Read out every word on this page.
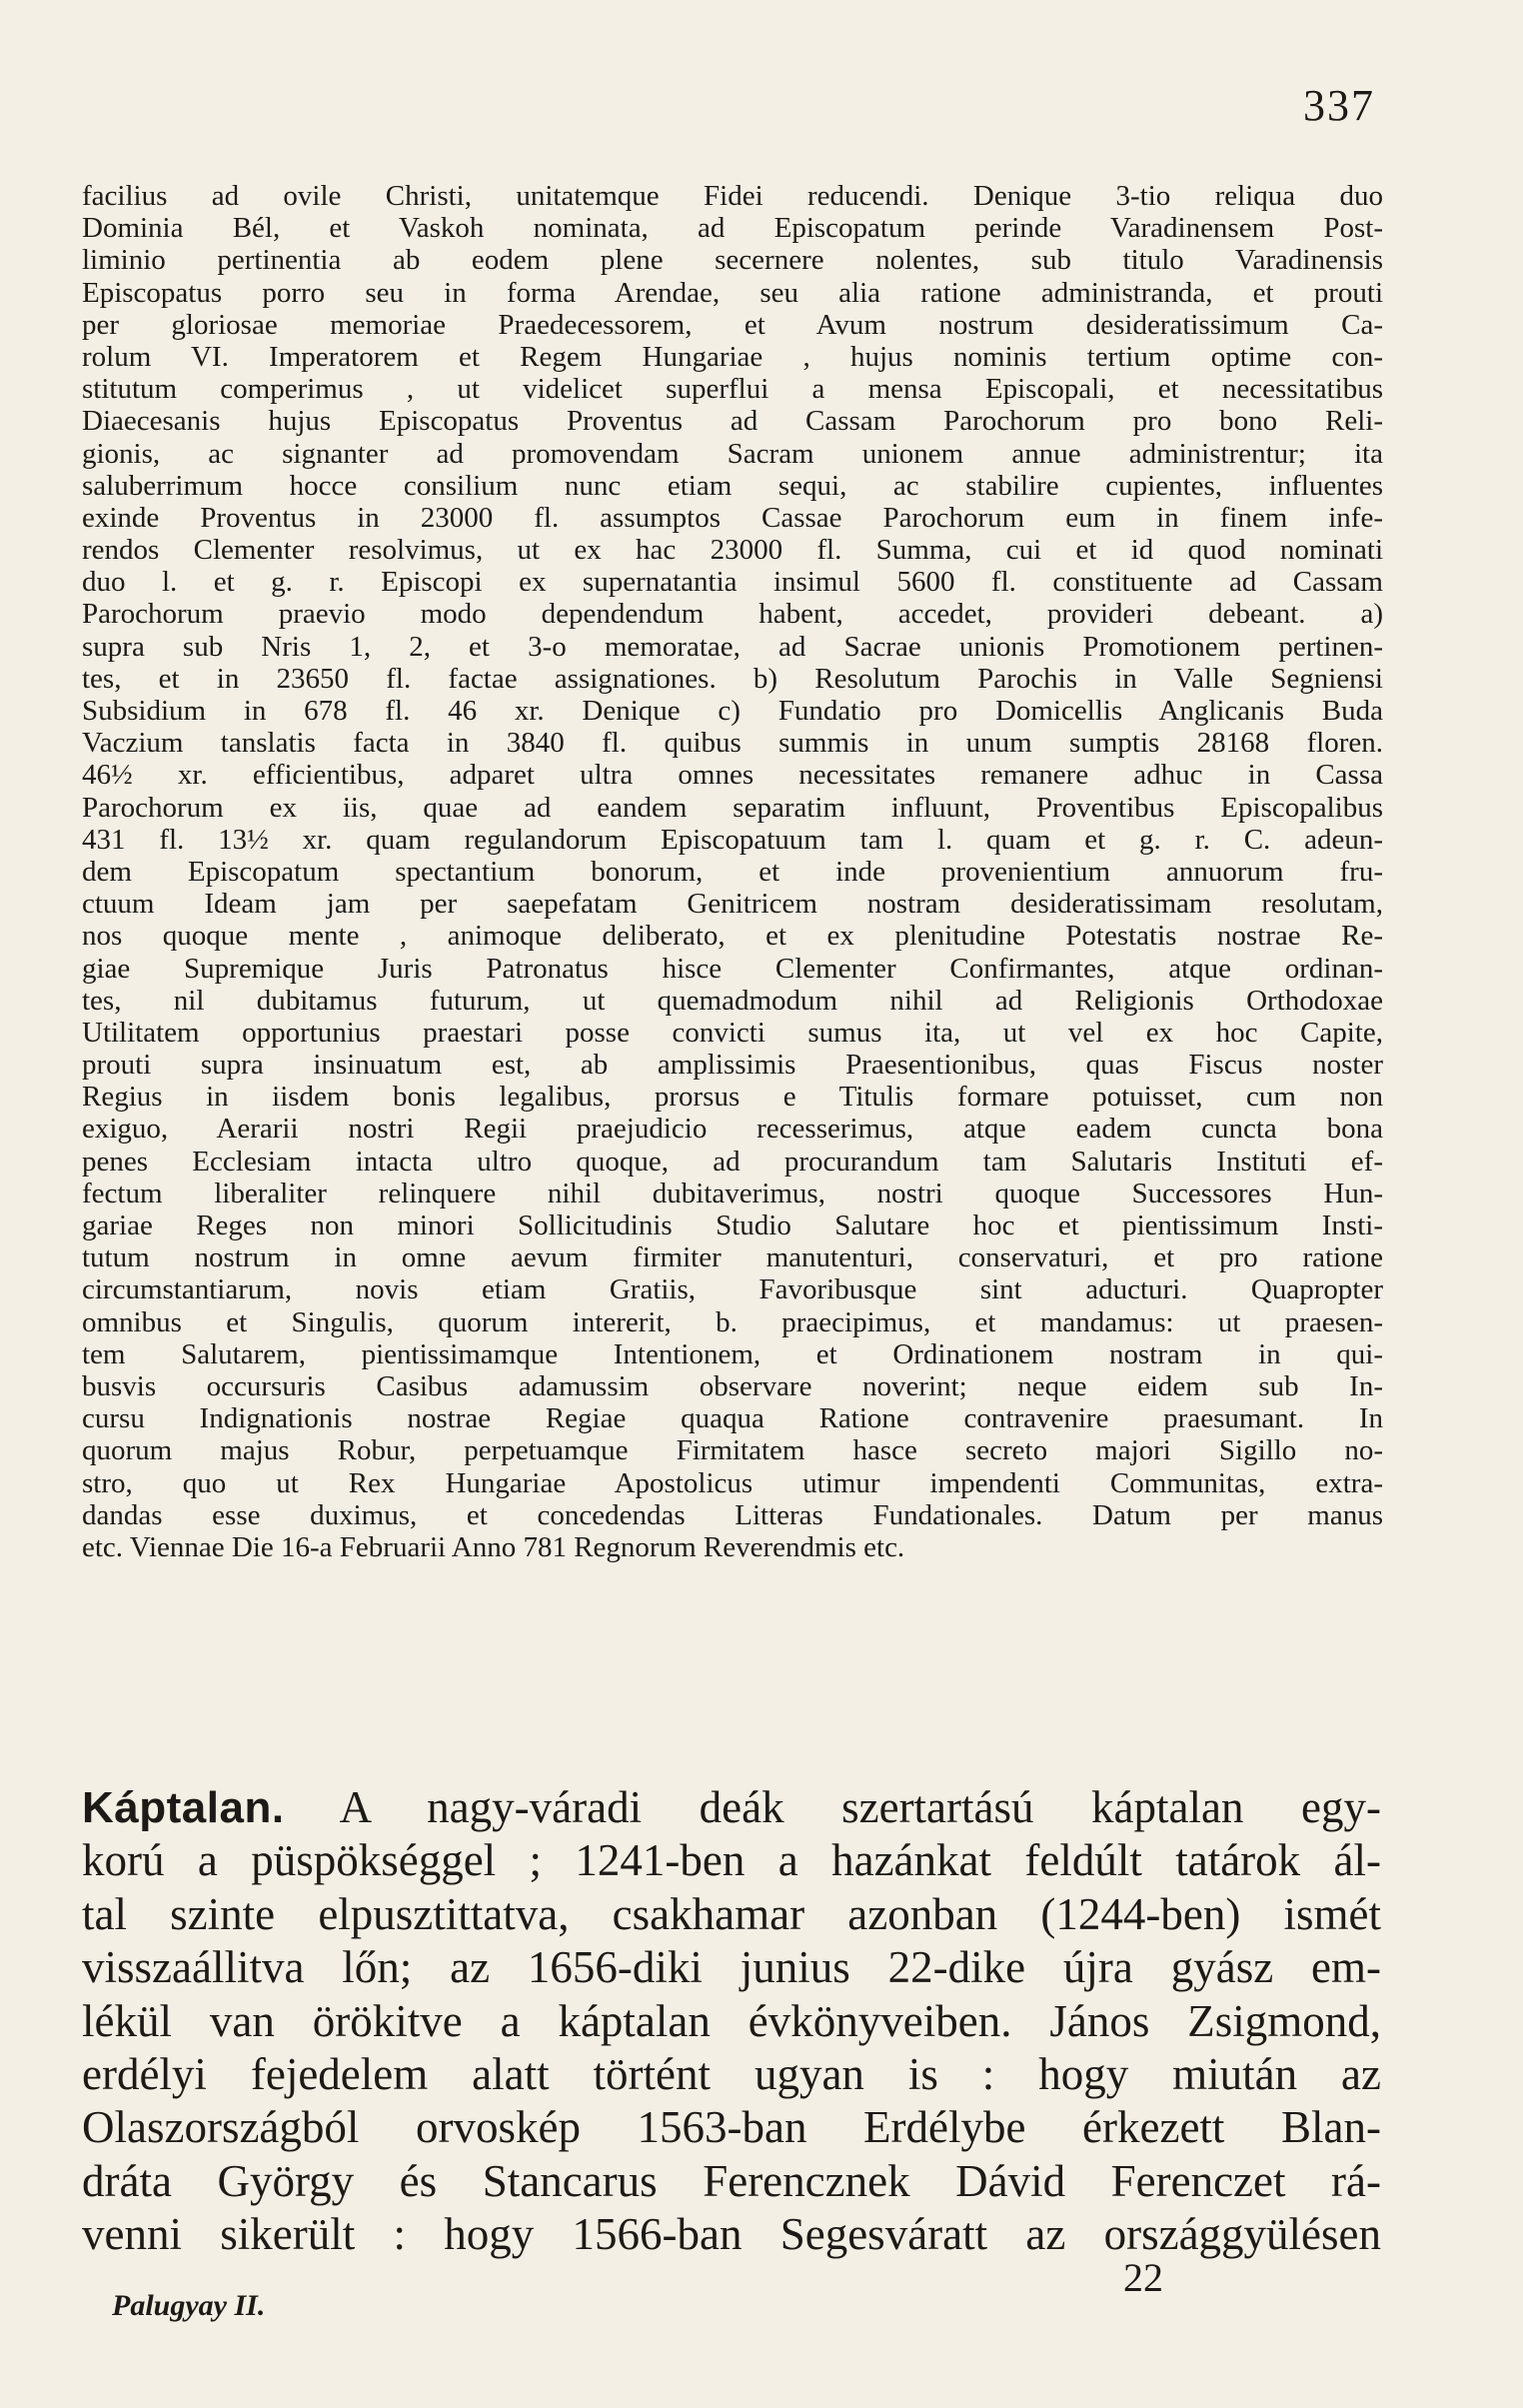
337
facilius ad ovile Christi, unitatemque Fidei reducendi. Denique 3-tio reliqua duo
Dominia Bél, et Vaskoh nominata, ad Episcopatum perinde Varadinensem Post-
liminio pertinentia ab eodem plene secernere nolentes, sub titulo Varadinensis
Episcopatus porro seu in forma Arendae, seu alia ratione administranda, et prouti
per gloriosae memoriae Praedecessorem, et Avum nostrum desideratissimum Ca-
rolum VI. Imperatorem et Regem Hungariae , hujus nominis tertium optime con-
stitutum comperimus , ut videlicet superflui a mensa Episcopali, et necessitatibus
Diaecesanis hujus Episcopatus Proventus ad Cassam Parochorum pro bono Reli-
gionis, ac signanter ad promovendam Sacram unionem annue administrentur; ita
saluberrimum hocce consilium nunc etiam sequi, ac stabilire cupientes, influentes
exinde Proventus in 23000 fl. assumptos Cassae Parochorum eum in finem infe-
rendos Clementer resolvimus, ut ex hac 23000 fl. Summa, cui et id quod nominati
duo l. et g. r. Episcopi ex supernatantia insimul 5600 fl. constituente ad Cassam
Parochorum praevio modo dependendum habent, accedet, provideri debeant. a)
supra sub Nris 1, 2, et 3-o memoratae, ad Sacrae unionis Promotionem pertinen-
tes, et in 23650 fl. factae assignationes. b) Resolutum Parochis in Valle Segniensi
Subsidium in 678 fl. 46 xr. Denique c) Fundatio pro Domicellis Anglicanis Buda
Vaczium tanslatis facta in 3840 fl. quibus summis in unum sumptis 28168 floren.
46½ xr. efficientibus, adparet ultra omnes necessitates remanere adhuc in Cassa
Parochorum ex iis, quae ad eandem separatim influunt, Proventibus Episcopalibus
431 fl. 13½ xr. quam regulandorum Episcopatuum tam l. quam et g. r. C. adeun-
dem Episcopatum spectantium bonorum, et inde provenientium annuorum fru-
ctuum Ideam jam per saepefatam Genitricem nostram desideratissimam resolutam,
nos quoque mente , animoque deliberato, et ex plenitudine Potestatis nostrae Re-
giae Supremique Juris Patronatus hisce Clementer Confirmantes, atque ordinan-
tes, nil dubitamus futurum, ut quemadmodum nihil ad Religionis Orthodoxae
Utilitatem opportunius praestari posse convicti sumus ita, ut vel ex hoc Capite,
prouti supra insinuatum est, ab amplissimis Praesentionibus, quas Fiscus noster
Regius in iisdem bonis legalibus, prorsus e Titulis formare potuisset, cum non
exiguo, Aerarii nostri Regii praejudicio recesserimus, atque eadem cuncta bona
penes Ecclesiam intacta ultro quoque, ad procurandum tam Salutaris Instituti ef-
fectum liberaliter relinquere nihil dubitaverimus, nostri quoque Successores Hun-
gariae Reges non minori Sollicitudinis Studio Salutare hoc et pientissimum Insti-
tutum nostrum in omne aevum firmiter manutenturi, conservaturi, et pro ratione
circumstantiarum, novis etiam Gratiis, Favoribusque sint aducturi. Quapropter
omnibus et Singulis, quorum intererit, b. praecipimus, et mandamus: ut praesen-
tem Salutarem, pientissimamque Intentionem, et Ordinationem nostram in qui-
busvis occursuris Casibus adamussim observare noverint; neque eidem sub In-
cursu Indignationis nostrae Regiae quaqua Ratione contravenire praesumant. In
quorum majus Robur, perpetuamque Firmitatem hasce secreto majori Sigillo no-
stro, quo ut Rex Hungariae Apostolicus utimur impendenti Communitas, extra-
dandas esse duximus, et concedendas Litteras Fundationales. Datum per manus
etc. Viennae Die 16-a Februarii Anno 781 Regnorum Reverendmis etc.
Káptalan. A nagy-váradi deák szertartású káptalan egy-
korú a püspökséggel ; 1241-ben a hazánkat feldúlt tatárok ál-
tal szinte elpusztittatva, csakhamar azonban (1244-ben) ismét
visszaállitva lőn; az 1656-diki junius 22-dike újra gyász em-
lékül van örökitve a káptalan évkönyveiben. János Zsigmond,
erdélyi fejedelem alatt történt ugyan is : hogy miután az
Olaszországból orvoskép 1563-ban Erdélybe érkezett Blan-
dráta György és Stancarus Ferencznek Dávid Ferenczet rá-
venni sikerült : hogy 1566-ban Segesváratt az országgyülésen
Palugyay II.
22
